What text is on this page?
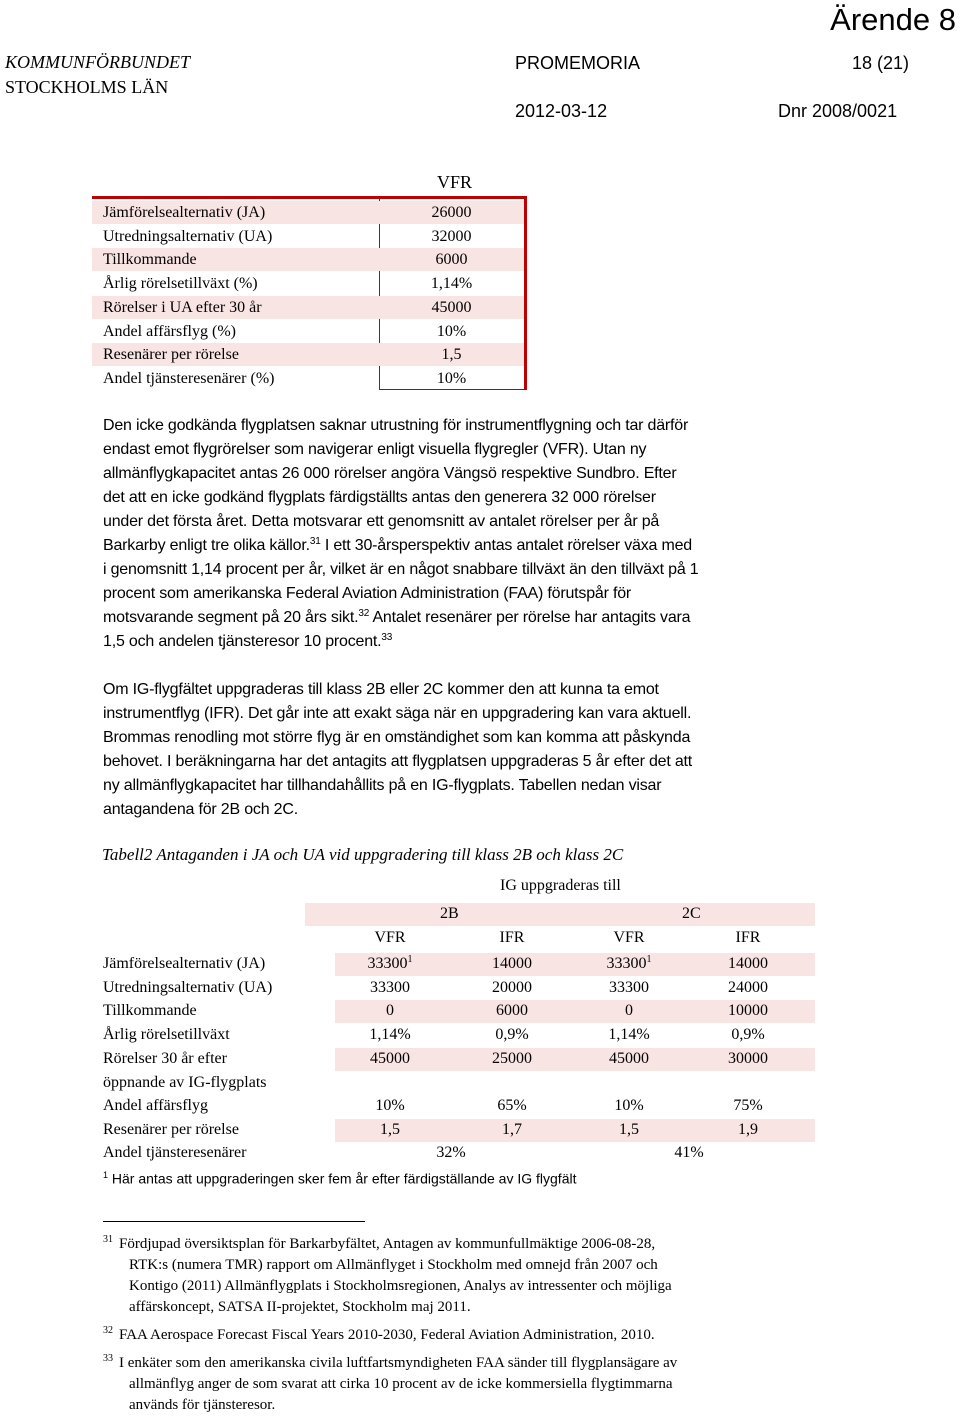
Ärende 8
KOMMUNFÖRBUNDET
STOCKHOLMS LÄN
PROMEMORIA	18 (21)
2012-03-12	Dnr 2008/0021
VFR
Jämförelsealternativ (JA)	26000
Utredningsalternativ (UA)	32000
Tillkommande	6000
Årlig rörelsetillväxt (%)	1,14%
Rörelser i UA efter 30 år	45000
Andel affärsflyg (%)	10%
Resenärer per rörelse	1,5
Andel tjänsteresenärer (%)	10%
Den icke godkända flygplatsen saknar utrustning för instrumentflygning och tar därför
endast emot flygrörelser som navigerar enligt visuella flygregler (VFR). Utan ny
allmänflygkapacitet antas 26 000 rörelser angöra Vängsö respektive Sundbro. Efter
det att en icke godkänd flygplats färdigställts antas den generera 32 000 rörelser
under det första året. Detta motsvarar ett genomsnitt av antalet rörelser per år på
Barkarby enligt tre olika källor.$^{31}$ I ett 30-årsperspektiv antas antalet rörelser växa med
i genomsnitt 1,14 procent per år, vilket är en något snabbare tillväxt än den tillväxt på 1
procent som amerikanska Federal Aviation Administration (FAA) förutspår för
motsvarande segment på 20 års sikt.$^{32}$ Antalet resenärer per rörelse har antagits vara
1,5 och andelen tjänsteresor 10 procent.$^{33}$
Om IG-flygfältet uppgraderas till klass 2B eller 2C kommer den att kunna ta emot
instrumentflyg (IFR). Det går inte att exakt säga när en uppgradering kan vara aktuell.
Brommas renodling mot större flyg är en omständighet som kan komma att påskynda
behovet. I beräkningarna har det antagits att flygplatsen uppgraderas 5 år efter det att
ny allmänflygkapacitet har tillhandahållits på en IG-flygplats. Tabellen nedan visar
antagandena för 2B och 2C.
Tabell2 Antaganden i JA och UA vid uppgradering till klass 2B och klass 2C
IG uppgraderas till
2B	2C
VFR	IFR	VFR	IFR
Jämförelsealternativ (JA)	33300$^1$	14000	33300$^1$	14000
Utredningsalternativ (UA)	33300	20000	33300	24000
Tillkommande	0	6000	0	10000
Årlig rörelsetillväxt	1,14%	0,9%	1,14%	0,9%
Rörelser 30 år efter
öppnande av IG-flygplats
45000	25000	45000	30000
Andel affärsflyg	10%	65%	10%	75%
Resenärer per rörelse	1,5	1,7	1,5	1,9
Andel tjänsteresenärer	32%	41%
$^1$ Här antas att uppgraderingen sker fem år efter färdigställande av IG flygfält
31 Fördjupad översiktsplan för Barkarbyfältet, Antagen av kommunfullmäktige 2006-08-28,
RTK:s (numera TMR) rapport om Allmänflyget i Stockholm med omnejd från 2007 och
Kontigo (2011) Allmänflygplats i Stockholmsregionen, Analys av intressenter och möjliga
affärskoncept, SATSA II-projektet, Stockholm maj 2011.
32 FAA Aerospace Forecast Fiscal Years 2010-2030, Federal Aviation Administration, 2010.
33 I enkäter som den amerikanska civila luftfartsmyndigheten FAA sänder till flygplansägare av
allmänflyg anger de som svarat att cirka 10 procent av de icke kommersiella flygtimmarna
används för tjänsteresor.
